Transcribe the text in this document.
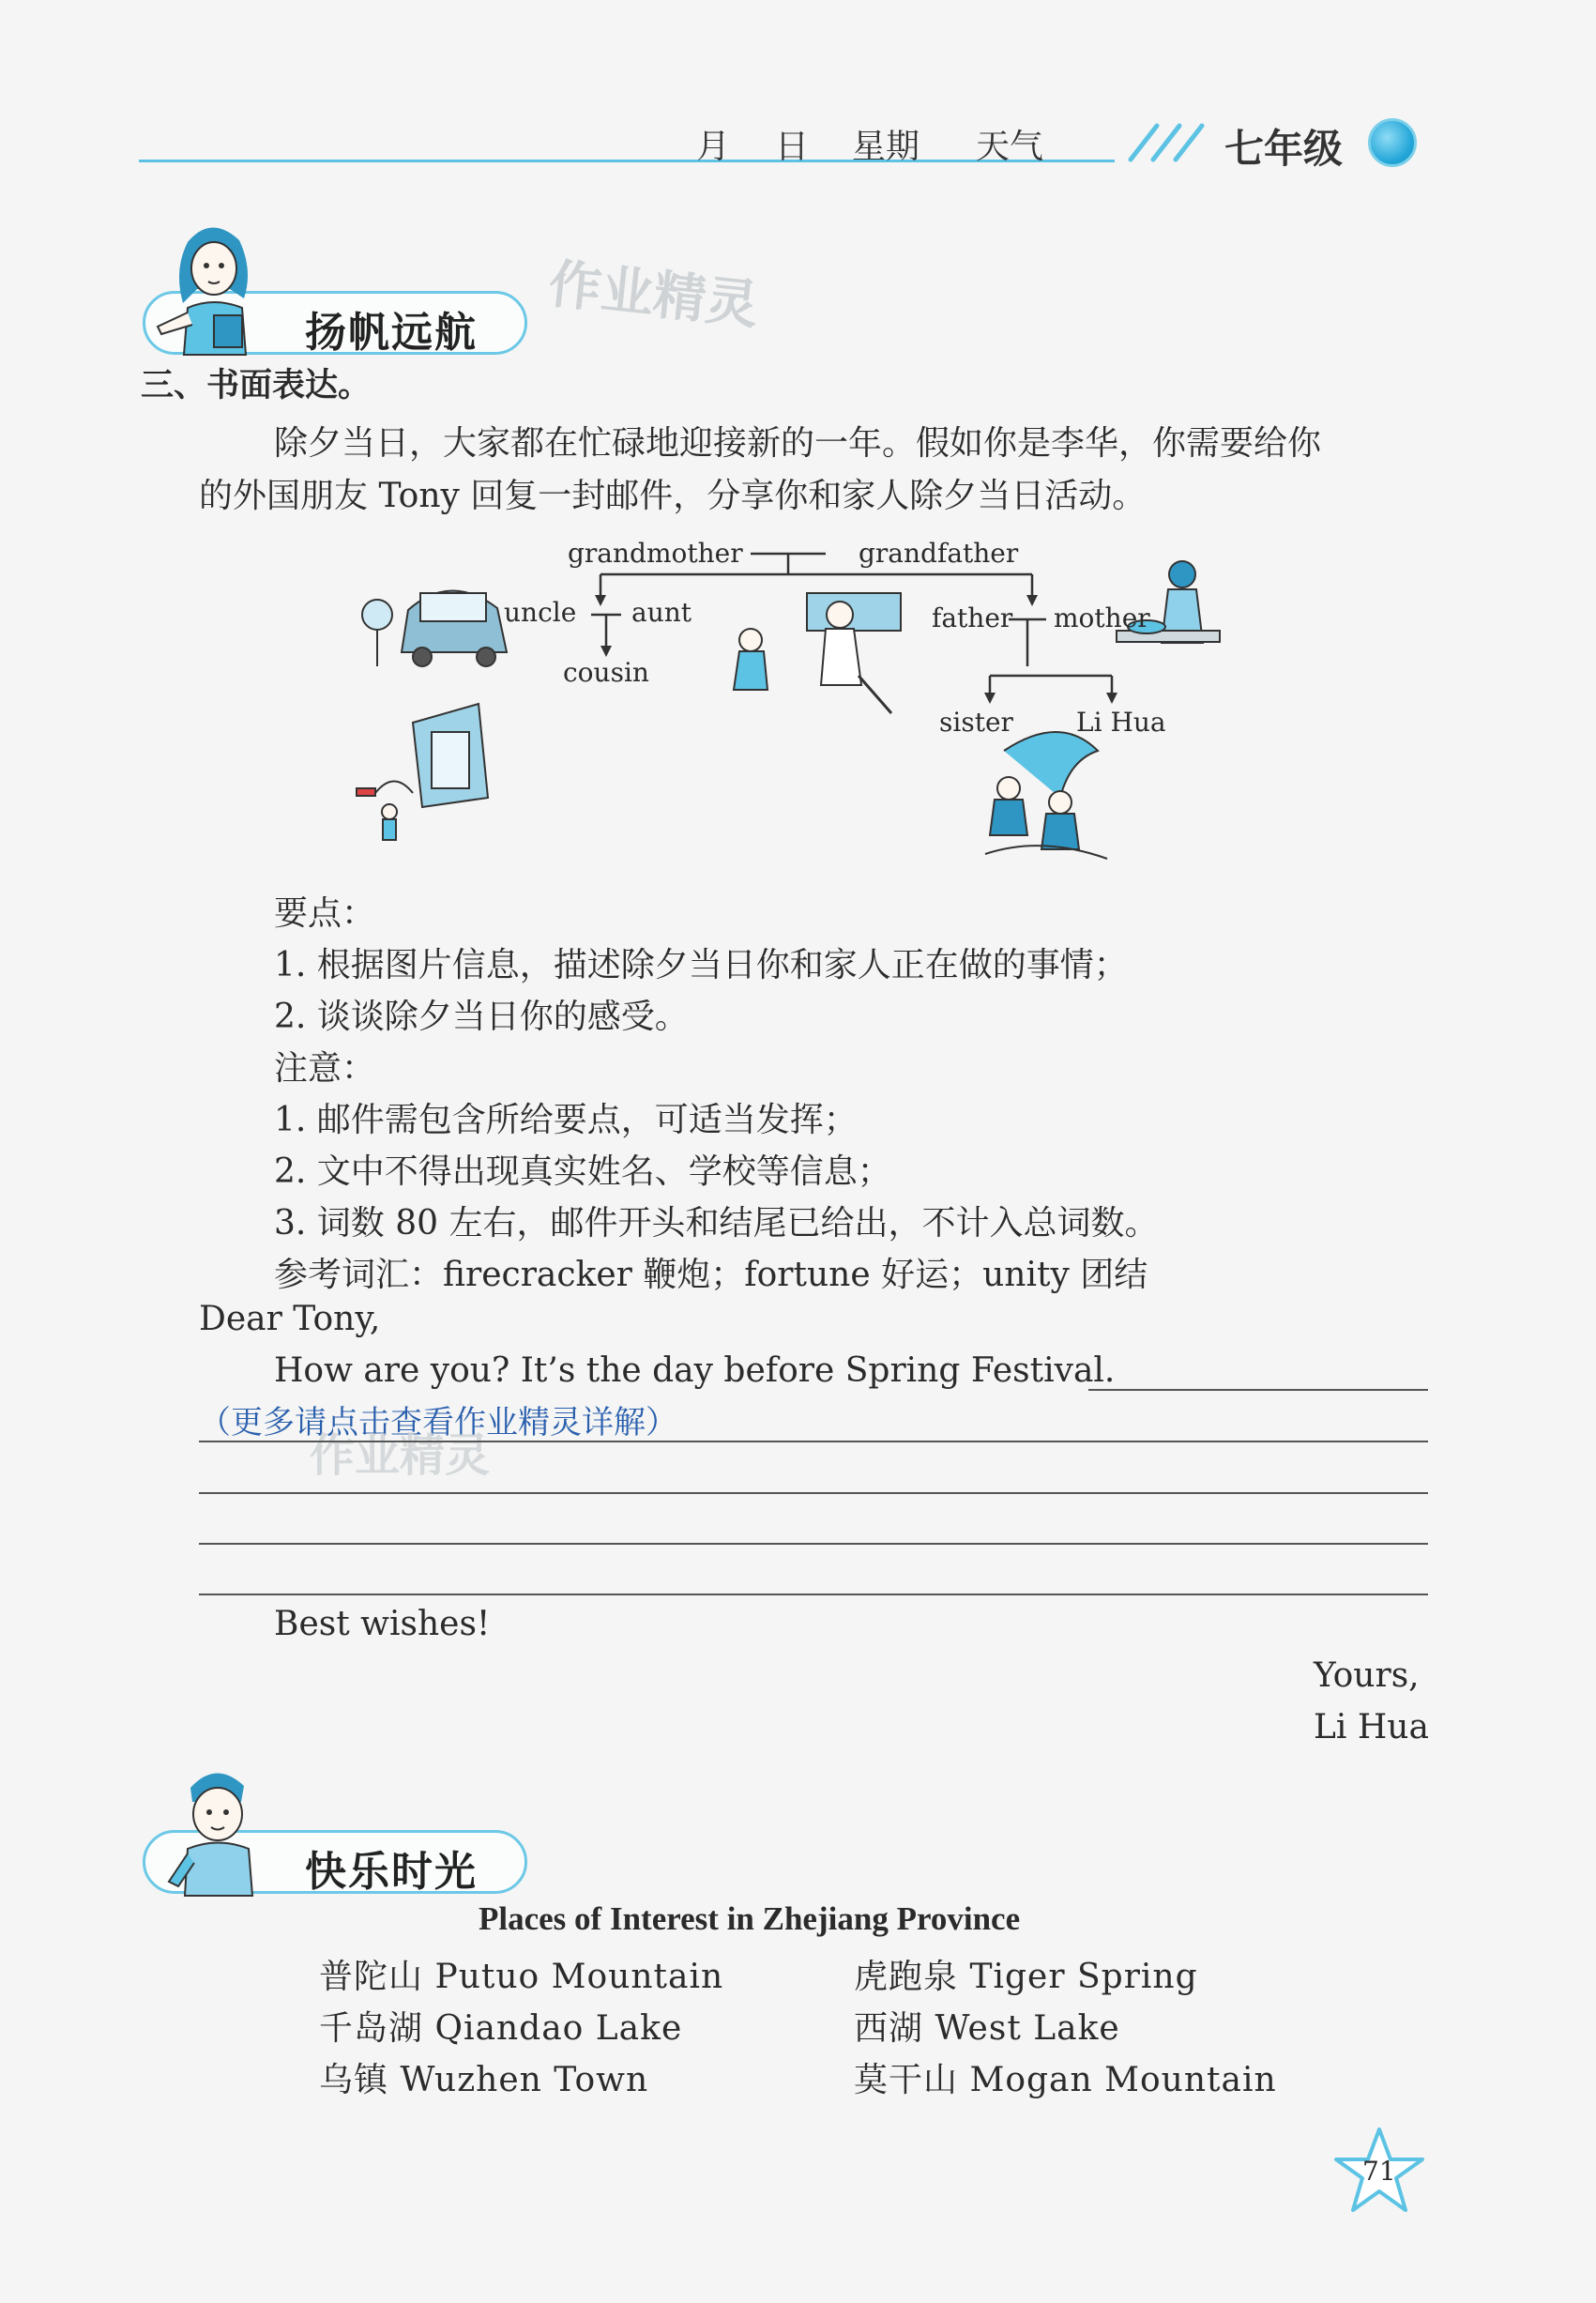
月 日 星期 天气	七年级
扬帆远航 作业精灵
三、书面表达。
除夕当日，大家都在忙碌地迎接新的一年。假如你是李华，你需要给你
的外国朋友 Tony 回复一封邮件，分享你和家人除夕当日活动。
grandmother	grandfather
uncle aunt
cousin
father mother
sister Li Hua
要点：
1. 根据图片信息，描述除夕当日你和家人正在做的事情；
2. 谈谈除夕当日你的感受。
注意：
1. 邮件需包含所给要点，可适当发挥；
2. 文中不得出现真实姓名、学校等信息；
3. 词数 80 左右，邮件开头和结尾已给出，不计入总词数。
参考词汇：firecracker 鞭炮；fortune 好运；unity 团结
Dear Tony,
How are you? It’s the day before Spring Festival.
（更多请点击查看作业精灵详解）
作业精灵
Best wishes!
Yours,
Li Hua
快乐时光
Places of Interest in Zhejiang Province
普陀山 Putuo Mountain	虎跑泉 Tiger Spring
千岛湖 Qiandao Lake	西湖 West Lake
乌镇 Wuzhen Town	莫干山 Mogan Mountain
71
